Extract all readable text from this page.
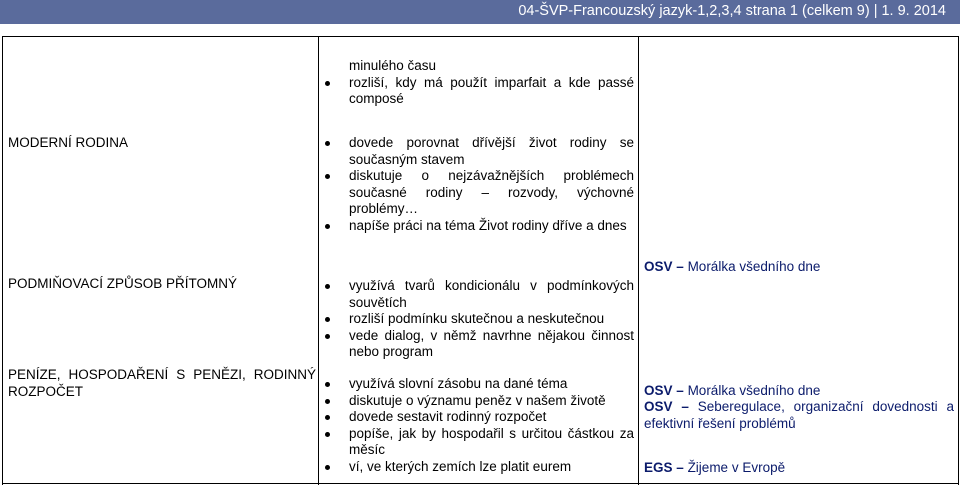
04-ŠVP-Francouzský jazyk-1,2,3,4 strana 1 (celkem 9) | 1. 9. 2014
minulého času
rozliší, kdy má použít imparfait a kde passé composé
MODERNÍ RODINA	dovede porovnat dřívější život rodiny se současným stavem
diskutuje o nejzávažnějších problémech současné rodiny – rozvody, výchovné problémy…
napíše práci na téma Život rodiny dříve a dnes
PODMIŇOVACÍ ZPŮSOB PŘÍTOMNÝ	využívá tvarů kondicionálu v podmínkových souvětích
rozliší podmínku skutečnou a neskutečnou
vede dialog, v němž navrhne nějakou činnost nebo program
OSV – Morálka všedního dne
PENÍZE, HOSPODAŘENÍ S PENĚZI, RODINNÝ ROZPOČET
využívá slovní zásobu na dané téma
diskutuje o významu peněz v našem životě
dovede sestavit rodinný rozpočet
popíše, jak by hospodařil s určitou částkou za měsíc
ví, ve kterých zemích lze platit eurem
OSV – Morálka všedního dne
OSV – Seberegulace, organizační dovednosti a efektivní řešení problémů
EGS – Žijeme v Evropě
